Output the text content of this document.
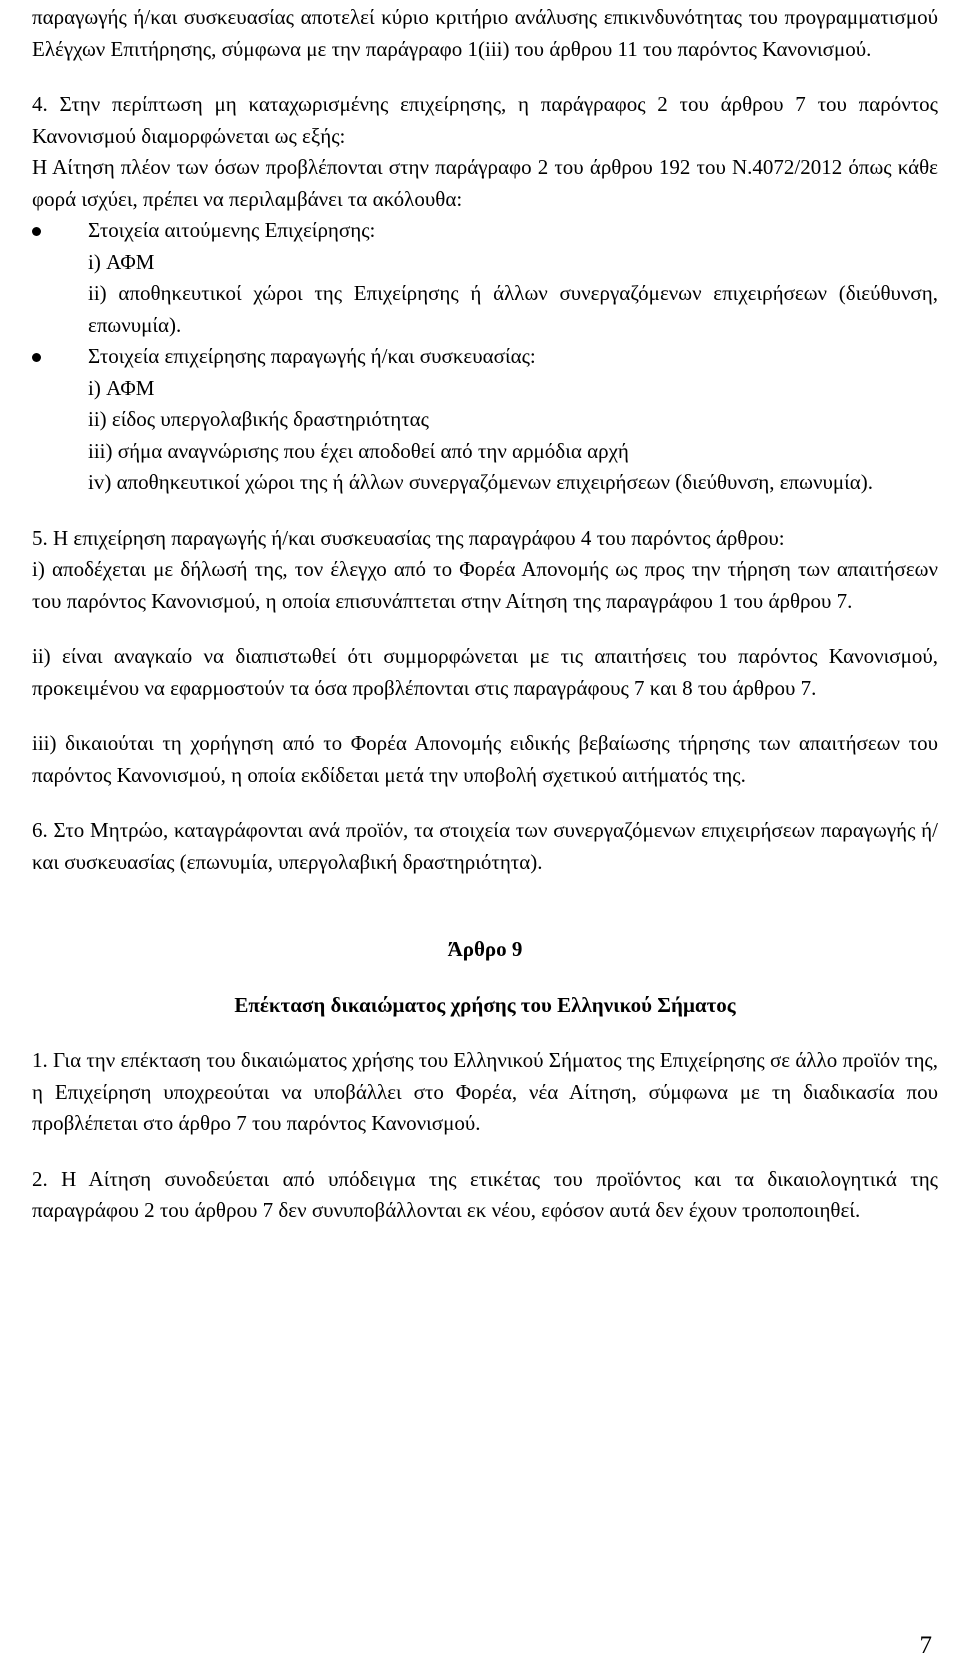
παραγωγής ή/και συσκευασίας αποτελεί κύριο κριτήριο ανάλυσης επικινδυνότητας του προγραμματισμού Ελέγχων Επιτήρησης, σύμφωνα με την παράγραφο 1(iii) του άρθρου 11 του παρόντος Κανονισμού.

4. Στην περίπτωση μη καταχωρισμένης επιχείρησης, η παράγραφος 2 του άρθρου 7 του παρόντος Κανονισμού διαμορφώνεται ως εξής:

Η Αίτηση πλέον των όσων προβλέπονται στην παράγραφο 2 του άρθρου 192 του Ν.4072/2012 όπως κάθε φορά ισχύει, πρέπει να περιλαμβάνει τα ακόλουθα:

Στοιχεία αιτούμενης Επιχείρησης:

i) ΑΦΜ

ii) αποθηκευτικοί χώροι της Επιχείρησης ή άλλων συνεργαζόμενων επιχειρήσεων (διεύθυνση, επωνυμία).

Στοιχεία επιχείρησης παραγωγής ή/και συσκευασίας:

i) ΑΦΜ

ii) είδος υπεργολαβικής δραστηριότητας

iii) σήμα αναγνώρισης που έχει αποδοθεί από την αρμόδια αρχή

iv) αποθηκευτικοί χώροι της ή άλλων συνεργαζόμενων επιχειρήσεων (διεύθυνση, επωνυμία).

5. Η επιχείρηση παραγωγής ή/και συσκευασίας της παραγράφου 4 του παρόντος άρθρου:

i) αποδέχεται με δήλωσή της, τον έλεγχο από το Φορέα Απονομής ως προς την τήρηση των απαιτήσεων του παρόντος Κανονισμού, η οποία επισυνάπτεται στην Αίτηση της παραγράφου 1 του άρθρου 7.

ii) είναι αναγκαίο να διαπιστωθεί ότι συμμορφώνεται με τις απαιτήσεις του παρόντος Κανονισμού, προκειμένου να εφαρμοστούν τα όσα προβλέπονται στις παραγράφους 7 και 8 του άρθρου 7.

iii) δικαιούται τη χορήγηση από το Φορέα Απονομής ειδικής βεβαίωσης τήρησης των απαιτήσεων του παρόντος Κανονισμού, η οποία εκδίδεται μετά την υποβολή σχετικού αιτήματός της.

6. Στο Μητρώο, καταγράφονται ανά προϊόν, τα στοιχεία των συνεργαζόμενων επιχειρήσεων παραγωγής ή/και συσκευασίας (επωνυμία, υπεργολαβική δραστηριότητα).

Άρθρο 9

Επέκταση δικαιώματος χρήσης του Ελληνικού Σήματος

1. Για την επέκταση του δικαιώματος χρήσης του Ελληνικού Σήματος της Επιχείρησης σε άλλο προϊόν της, η Επιχείρηση υποχρεούται να υποβάλλει στο Φορέα, νέα Αίτηση, σύμφωνα με τη διαδικασία που προβλέπεται στο άρθρο 7 του παρόντος Κανονισμού.

2. Η Αίτηση συνοδεύεται από υπόδειγμα της ετικέτας του προϊόντος και τα δικαιολογητικά της παραγράφου 2 του άρθρου 7 δεν συνυποβάλλονται εκ νέου, εφόσον αυτά δεν έχουν τροποποιηθεί.

7
